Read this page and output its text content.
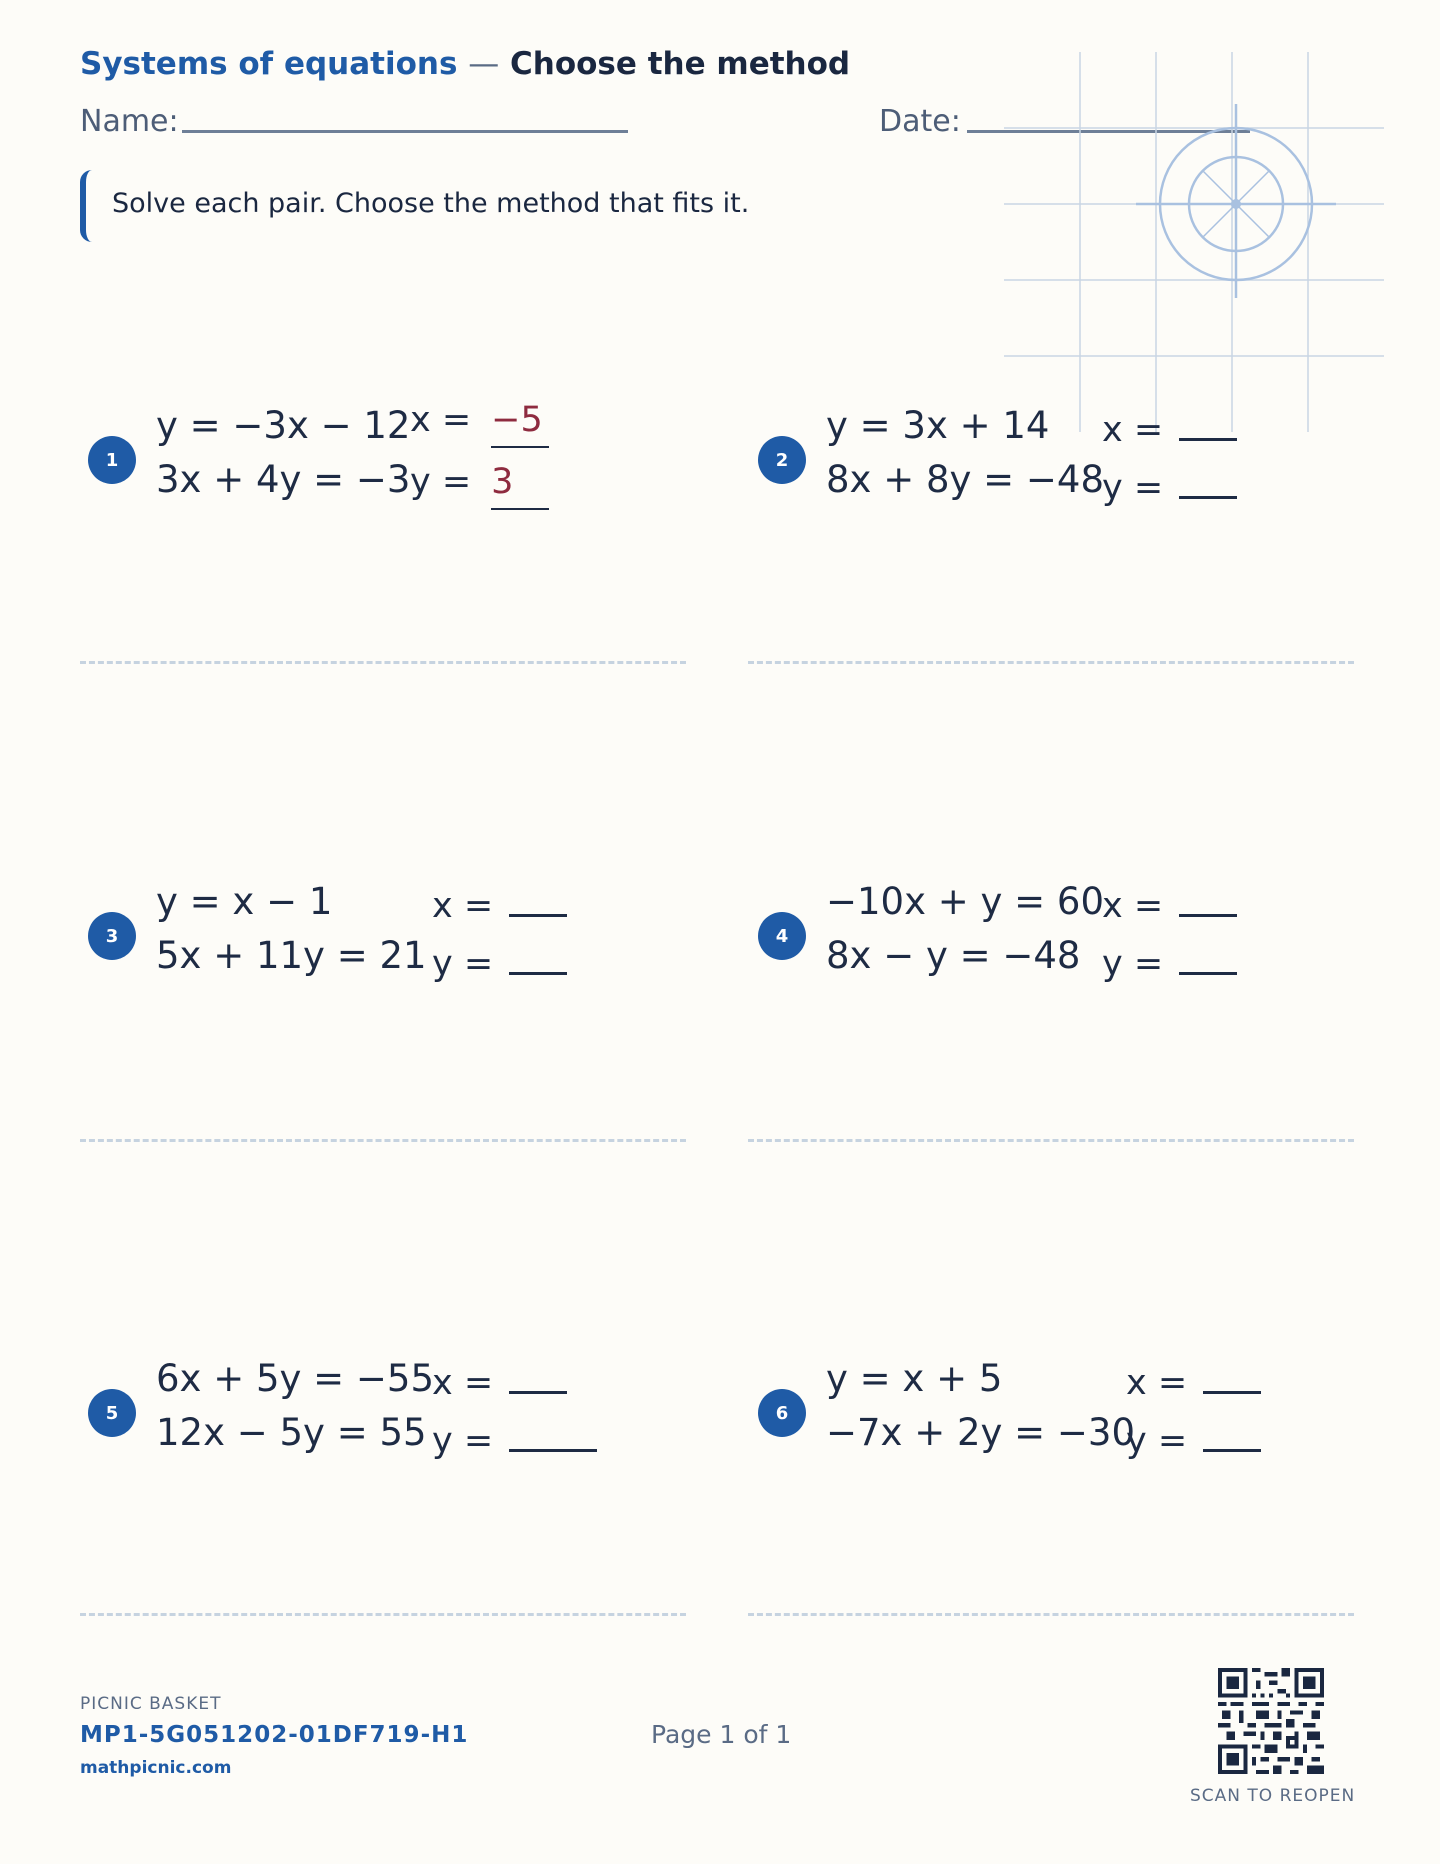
Systems of equations — Choose the method
Name:	Date:
Solve each pair. Choose the method that fits it.
1
y = −3x − 12
3x + 4y = −3
x = −5
y = 3
2
y = 3x + 14
8x + 8y = −48
x =
y =
3
y = x − 1
5x + 11y = 21
x =
y =
4
−10x + y = 60
8x − y = −48
x =
y =
5
6x + 5y = −55
12x − 5y = 55
x =
y =
6
y = x + 5
−7x + 2y = −30
x =
y =
PICNIC BASKET
MP1-5G051202-01DF719-H1
mathpicnic.com
Page 1 of 1
SCAN TO REOPEN
